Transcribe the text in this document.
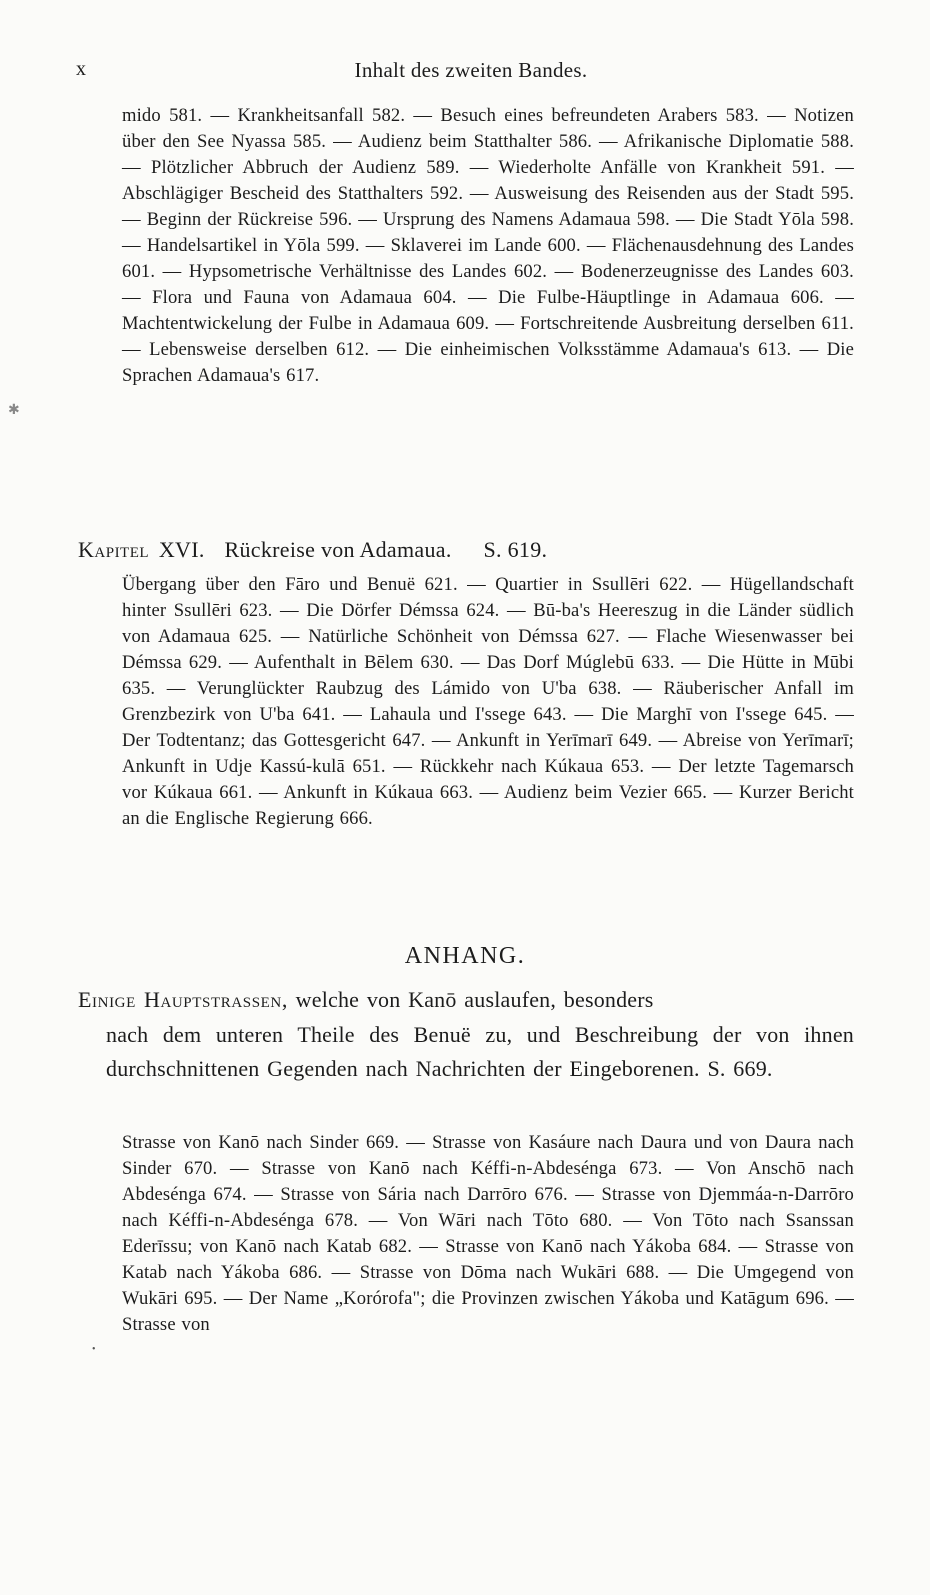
x	Inhalt des zweiten Bandes.

mido 581. — Krankheitsanfall 582. — Besuch eines befreundeten Arabers 583. — Notizen über den See Nyassa 585. — Audienz beim Statthalter 586. — Afrikanische Diplomatie 588. — Plötzlicher Abbruch der Audienz 589. — Wiederholte Anfälle von Krankheit 591. — Abschlägiger Bescheid des Statthalters 592. — Ausweisung des Reisenden aus der Stadt 595. — Beginn der Rückreise 596. — Ursprung des Namens Adamaua 598. — Die Stadt Yōla 598. — Handelsartikel in Yōla 599. — Sklaverei im Lande 600. — Flächenausdehnung des Landes 601. — Hypsometrische Verhältnisse des Landes 602. — Bodenerzeugnisse des Landes 603. — Flora und Fauna von Adamaua 604. — Die Fulbe-Häuptlinge in Adamaua 606. — Machtentwickelung der Fulbe in Adamaua 609. — Fortschreitende Ausbreitung derselben 611. — Lebensweise derselben 612. — Die einheimischen Volksstämme Adamaua's 613. — Die Sprachen Adamaua's 617.

Kapitel XVI. Rückreise von Adamaua. S. 619.

Übergang über den Fāro und Benuë 621. — Quartier in Ssullēri 622. — Hügellandschaft hinter Ssullēri 623. — Die Dörfer Démssa 624. — Bū-ba's Heereszug in die Länder südlich von Adamaua 625. — Natürliche Schönheit von Démssa 627. — Flache Wiesenwasser bei Démssa 629. — Aufenthalt in Bēlem 630. — Das Dorf Múglebū 633. — Die Hütte in Mūbi 635. — Verunglückter Raubzug des Lámido von U'ba 638. — Räuberischer Anfall im Grenzbezirk von U'ba 641. — Lahaula und I'ssege 643. — Die Marghī von I'ssege 645. — Der Todtentanz; das Gottesgericht 647. — Ankunft in Yerīmarī 649. — Abreise von Yerīmarī; Ankunft in Udje Kassú-kulā 651. — Rückkehr nach Kúkaua 653. — Der letzte Tagemarsch vor Kúkaua 661. — Ankunft in Kúkaua 663. — Audienz beim Vezier 665. — Kurzer Bericht an die Englische Regierung 666.

ANHANG.
Einige Hauptstrassen, welche von Kanō auslaufen, besonders
nach dem unteren Theile des Benuë zu, und Beschreibung der von ihnen durchschnittenen Gegenden nach Nachrichten der Eingeborenen. S. 669.

Strasse von Kanō nach Sinder 669. — Strasse von Kasáure nach Daura und von Daura nach Sinder 670. — Strasse von Kanō nach Kéffi-n-Abdesénga 673. — Von Anschō nach Abdesénga 674. — Strasse von Sária nach Darrōro 676. — Strasse von Djemmáa-n-Darrōro nach Kéffi-n-Abdesénga 678. — Von Wāri nach Tōto 680. — Von Tōto nach Ssanssan Ederīssu; von Kanō nach Katab 682. — Strasse von Kanō nach Yákoba 684. — Strasse von Katab nach Yákoba 686. — Strasse von Dōma nach Wukāri 688. — Die Umgegend von Wukāri 695. — Der Name „Korórofa"; die Provinzen zwischen Yákoba und Katāgum 696. — Strasse von

✱
•
